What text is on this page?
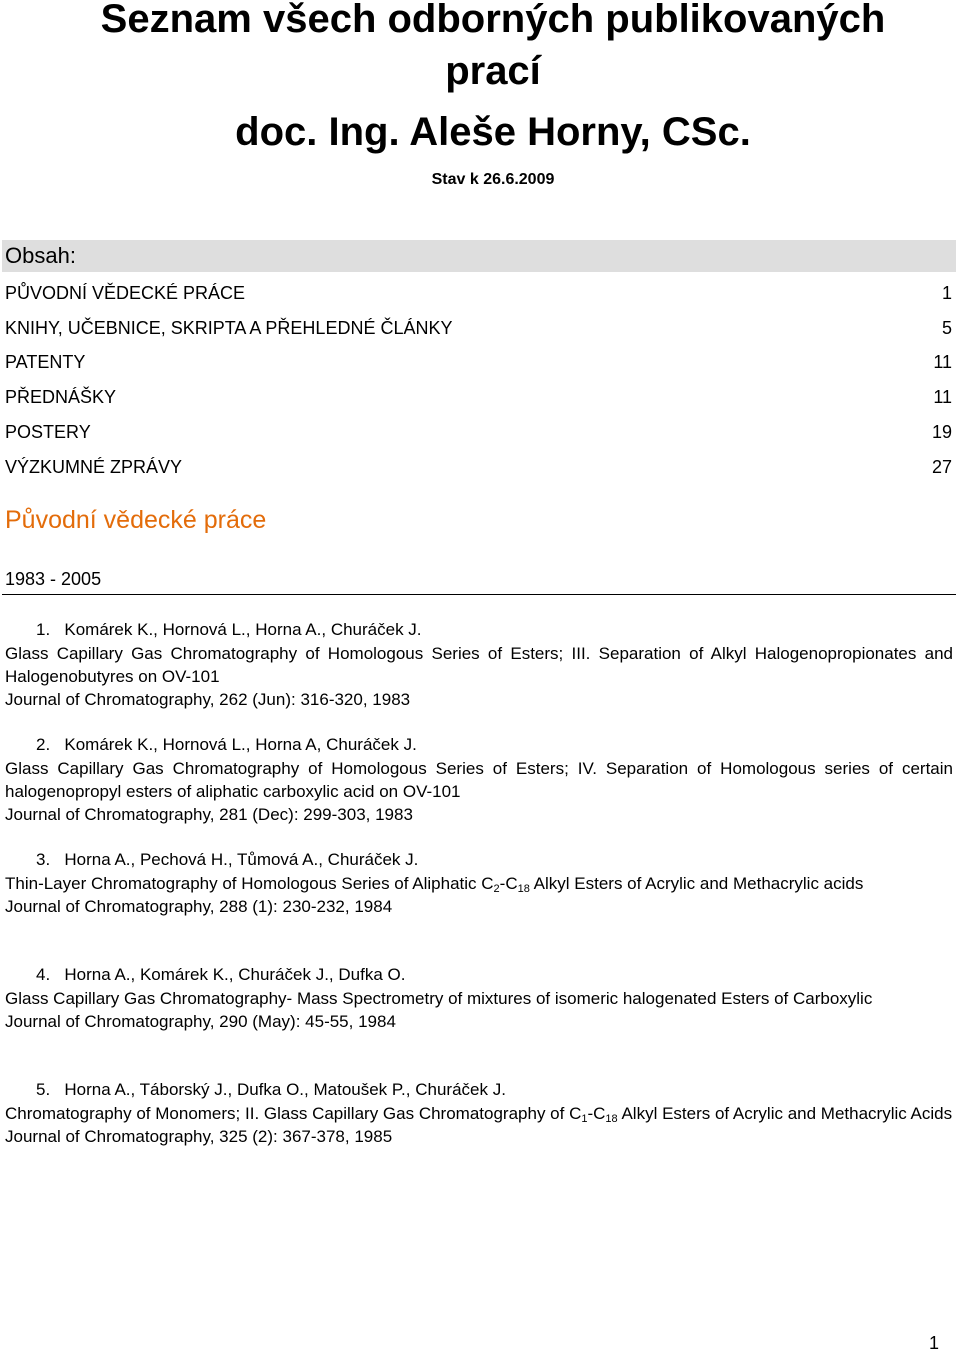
Seznam všech odborných publikovaných
prací
doc. Ing. Aleše Horny, CSc.
Stav k 26.6.2009
Obsah:
PŮVODNÍ VĚDECKÉ PRÁCE	1
KNIHY, UČEBNICE, SKRIPTA A PŘEHLEDNÉ ČLÁNKY	5
PATENTY	11
PŘEDNÁŠKY	11
POSTERY	19
VÝZKUMNÉ ZPRÁVY	27
Původní vědecké práce
1983 - 2005
1. Komárek K., Hornová L., Horna A., Churáček J.
Glass Capillary Gas Chromatography of Homologous Series of Esters; III. Separation of Alkyl Halogenopropionates and Halogenobutyres on OV-101
Journal of Chromatography, 262 (Jun): 316-320, 1983
2. Komárek K., Hornová L., Horna A, Churáček J.
Glass Capillary Gas Chromatography of Homologous Series of Esters; IV. Separation of Homologous series of certain halogenopropyl esters of aliphatic carboxylic acid on OV-101
Journal of Chromatography, 281 (Dec): 299-303, 1983
3. Horna A., Pechová H., Tůmová A., Churáček J.
Thin-Layer Chromatography of Homologous Series of Aliphatic $C_2-C_{18}$ Alkyl Esters of Acrylic and Methacrylic acids
Journal of Chromatography, 288 (1): 230-232, 1984
4. Horna A., Komárek K., Churáček J., Dufka O.
Glass Capillary Gas Chromatography- Mass Spectrometry of mixtures of isomeric halogenated Esters of Carboxylic
Journal of Chromatography, 290 (May): 45-55, 1984
5. Horna A., Táborský J., Dufka O., Matoušek P., Churáček J.
Chromatography of Monomers; II. Glass Capillary Gas Chromatography of $C_1-C_{18}$ Alkyl Esters of Acrylic and Methacrylic Acids
Journal of Chromatography, 325 (2): 367-378, 1985
1
